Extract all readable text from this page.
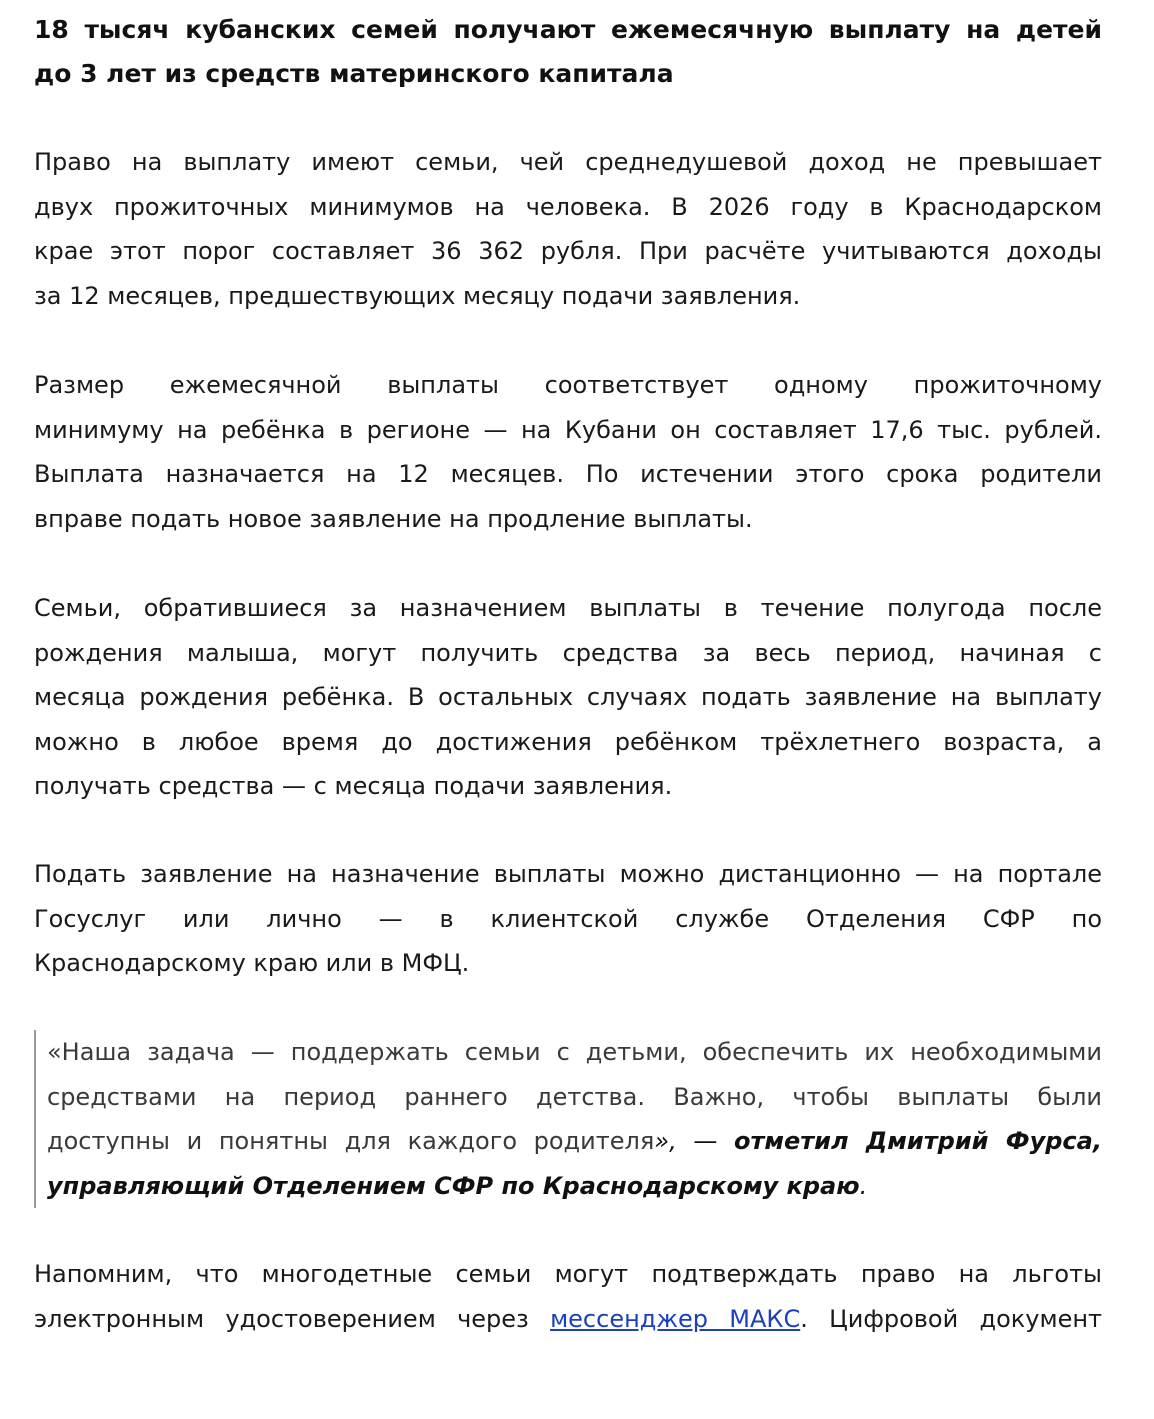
18 тысяч кубанских семей получают ежемесячную выплату на детей
до 3 лет из средств материнского капитала
Право на выплату имеют семьи, чей среднедушевой доход не превышает
двух прожиточных минимумов на человека. В 2026 году в Краснодарском
крае этот порог составляет 36 362 рубля. При расчёте учитываются доходы
за 12 месяцев, предшествующих месяцу подачи заявления.
Размер ежемесячной выплаты соответствует одному прожиточному
минимуму на ребёнка в регионе — на Кубани он составляет 17,6 тыс. рублей.
Выплата назначается на 12 месяцев. По истечении этого срока родители
вправе подать новое заявление на продление выплаты.
Семьи, обратившиеся за назначением выплаты в течение полугода после
рождения малыша, могут получить средства за весь период, начиная с
месяца рождения ребёнка. В остальных случаях подать заявление на выплату
можно в любое время до достижения ребёнком трёхлетнего возраста, а
получать средства — с месяца подачи заявления.
Подать заявление на назначение выплаты можно дистанционно — на портале
Госуслуг или лично — в клиентской службе Отделения СФР по
Краснодарскому краю или в МФЦ.
«Наша задача — поддержать семьи с детьми, обеспечить их необходимыми
средствами на период раннего детства. Важно, чтобы выплаты были
доступны и понятны для каждого родителя», — отметил Дмитрий Фурса,
управляющий Отделением СФР по Краснодарскому краю.
Напомним, что многодетные семьи могут подтверждать право на льготы
электронным удостоверением через мессенджер МАКС. Цифровой документ
